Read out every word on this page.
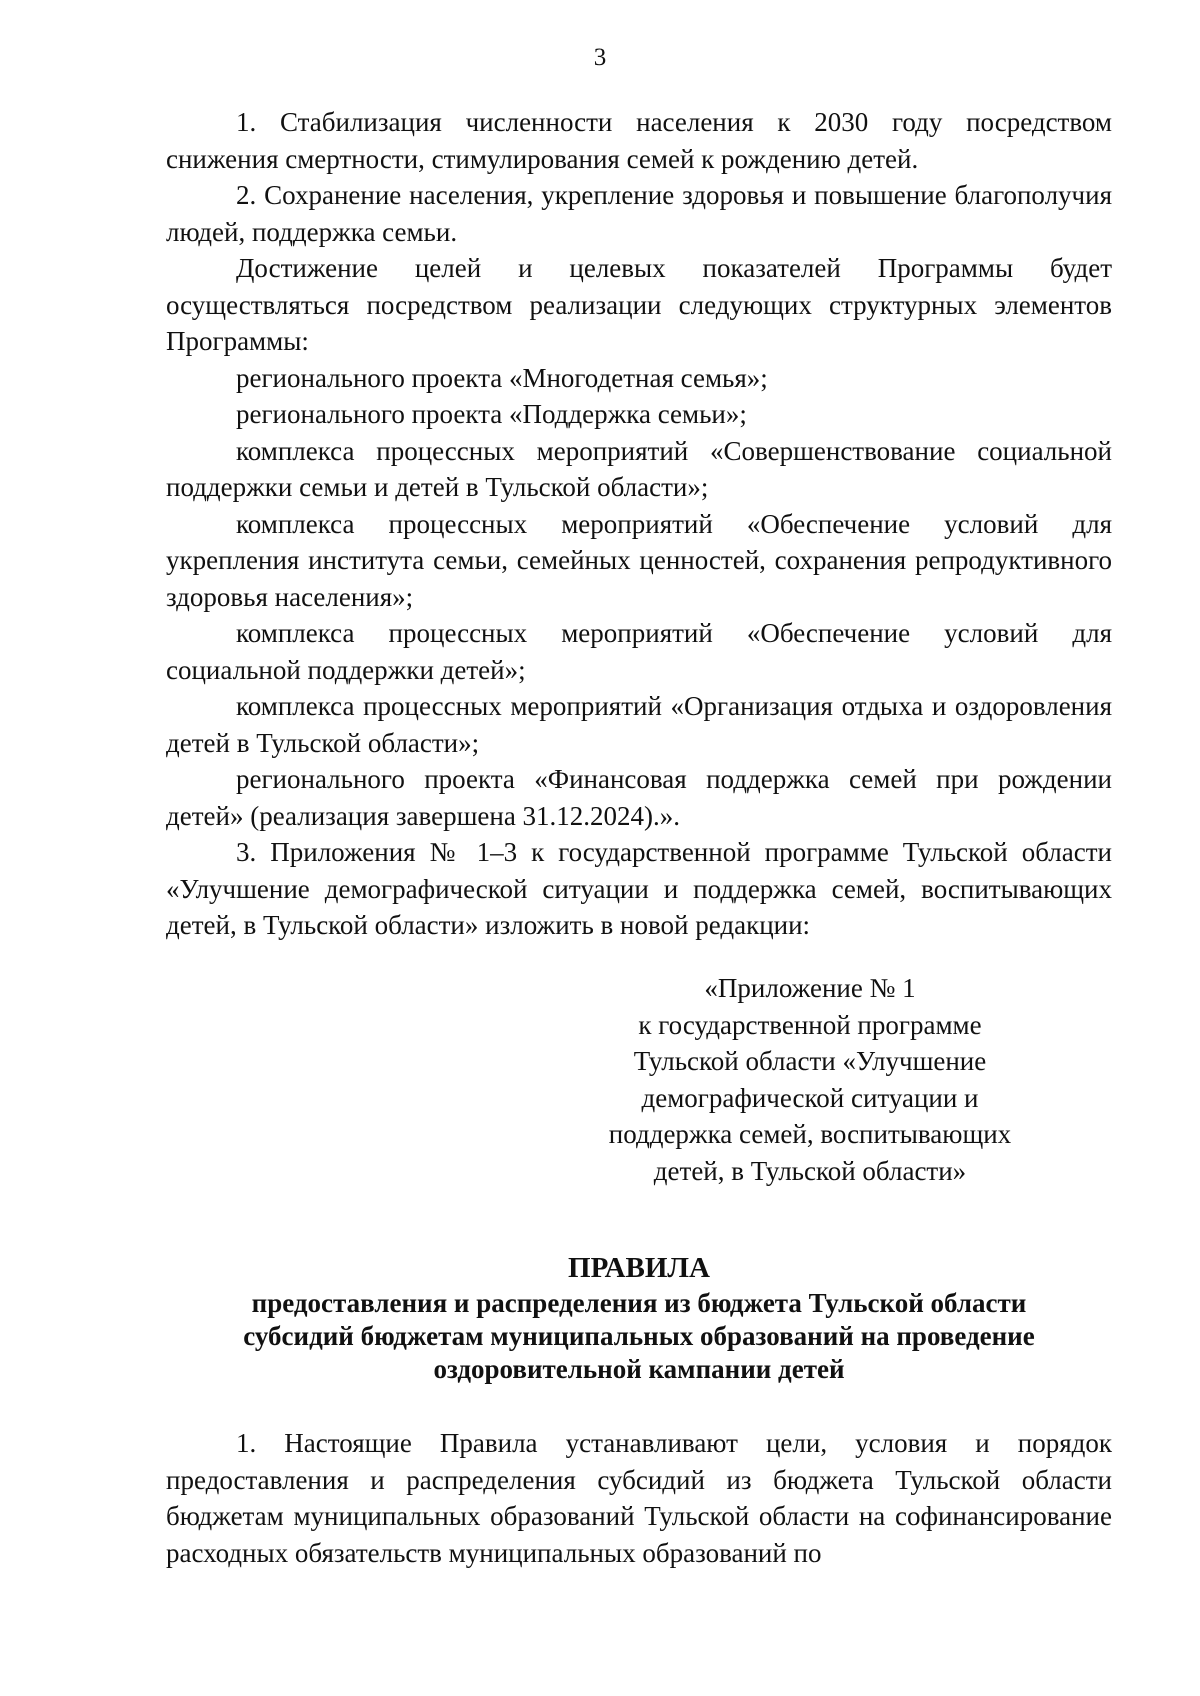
3

1. Стабилизация численности населения к 2030 году посредством снижения смертности, стимулирования семей к рождению детей.

2. Сохранение населения, укрепление здоровья и повышение благополучия людей, поддержка семьи.

Достижение целей и целевых показателей Программы будет осуществляться посредством реализации следующих структурных элементов Программы:

регионального проекта «Многодетная семья»;

регионального проекта «Поддержка семьи»;

комплекса процессных мероприятий «Совершенствование социальной поддержки семьи и детей в Тульской области»;

комплекса процессных мероприятий «Обеспечение условий для укрепления института семьи, семейных ценностей, сохранения репродуктивного здоровья населения»;

комплекса процессных мероприятий «Обеспечение условий для социальной поддержки детей»;

комплекса процессных мероприятий «Организация отдыха и оздоровления детей в Тульской области»;

регионального проекта «Финансовая поддержка семей при рождении детей» (реализация завершена 31.12.2024).».

3. Приложения № 1–3 к государственной программе Тульской области «Улучшение демографической ситуации и поддержка семей, воспитывающих детей, в Тульской области» изложить в новой редакции:

«Приложение № 1
к государственной программе
Тульской области «Улучшение
демографической ситуации и
поддержка семей, воспитывающих
детей, в Тульской области»
ПРАВИЛА
предоставления и распределения из бюджета Тульской области
субсидий бюджетам муниципальных образований на проведение
оздоровительной кампании детей

1. Настоящие Правила устанавливают цели, условия и порядок предоставления и распределения субсидий из бюджета Тульской области бюджетам муниципальных образований Тульской области на софинансирование расходных обязательств муниципальных образований по
